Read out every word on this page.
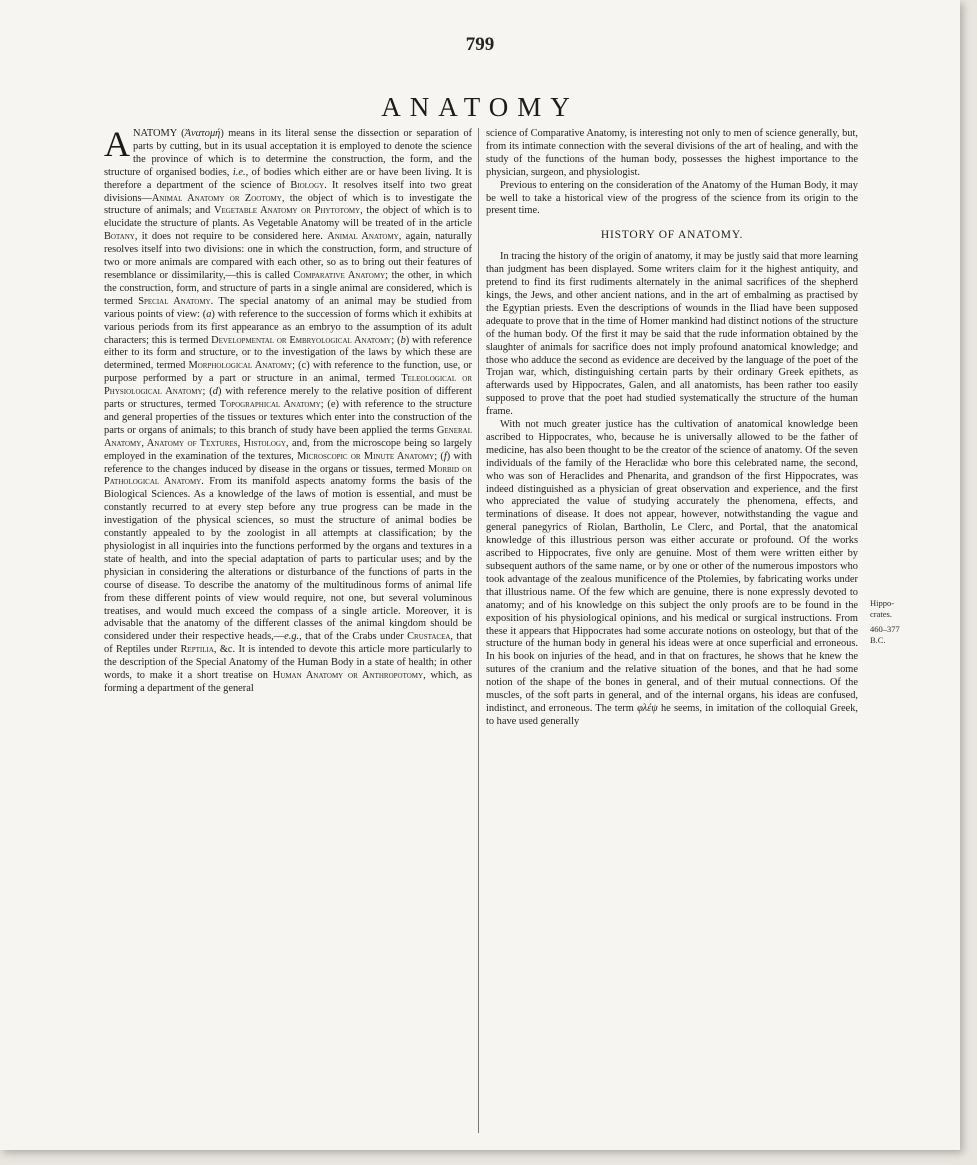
799
ANATOMY

ANATOMY (Ἀνατομή) means in its literal sense the dissection or separation of parts by cutting, but in its usual acceptation it is employed to denote the science the province of which is to determine the construction, the form, and the structure of organised bodies, i.e., of bodies which either are or have been living. It is therefore a department of the science of Biology. It resolves itself into two great divisions—Animal Anatomy or Zootomy, the object of which is to investigate the structure of animals; and Vegetable Anatomy or Phytotomy, the object of which is to elucidate the structure of plants. As Vegetable Anatomy will be treated of in the article Botany, it does not require to be considered here. Animal Anatomy, again, naturally resolves itself into two divisions: one in which the construction, form, and structure of two or more animals are compared with each other, so as to bring out their features of resemblance or dissimilarity,—this is called Comparative Anatomy; the other, in which the construction, form, and structure of parts in a single animal are considered, which is termed Special Anatomy. The special anatomy of an animal may be studied from various points of view: (a) with reference to the succession of forms which it exhibits at various periods from its first appearance as an embryo to the assumption of its adult characters; this is termed Developmental or Embryological Anatomy; (b) with reference either to its form and structure, or to the investigation of the laws by which these are determined, termed Morphological Anatomy; (c) with reference to the function, use, or purpose performed by a part or structure in an animal, termed Teleological or Physiological Anatomy; (d) with reference merely to the relative position of different parts or structures, termed Topographical Anatomy; (e) with reference to the structure and general properties of the tissues or textures which enter into the construction of the parts or organs of animals; to this branch of study have been applied the terms General Anatomy, Anatomy of Textures, Histology, and, from the microscope being so largely employed in the examination of the textures, Microscopic or Minute Anatomy; (f) with reference to the changes induced by disease in the organs or tissues, termed Morbid or Pathological Anatomy. From its manifold aspects anatomy forms the basis of the Biological Sciences. As a knowledge of the laws of motion is essential, and must be constantly recurred to at every step before any true progress can be made in the investigation of the physical sciences, so must the structure of animal bodies be constantly appealed to by the zoologist in all attempts at classification; by the physiologist in all inquiries into the functions performed by the organs and textures in a state of health, and into the special adaptation of parts to particular uses; and by the physician in considering the alterations or disturbance of the functions of parts in the course of disease. To describe the anatomy of the multitudinous forms of animal life from these different points of view would require, not one, but several voluminous treatises, and would much exceed the compass of a single article. Moreover, it is advisable that the anatomy of the different classes of the animal kingdom should be considered under their respective heads,—e.g., that of the Crabs under Crustacea, that of Reptiles under Reptilia, &c. It is intended to devote this article more particularly to the description of the Special Anatomy of the Human Body in a state of health; in other words, to make it a short treatise on Human Anatomy or Anthropotomy, which, as forming a department of the general

science of Comparative Anatomy, is interesting not only to men of science generally, but, from its intimate connection with the several divisions of the art of healing, and with the study of the functions of the human body, possesses the highest importance to the physician, surgeon, and physiologist.

Previous to entering on the consideration of the Anatomy of the Human Body, it may be well to take a historical view of the progress of the science from its origin to the present time.

HISTORY OF ANATOMY.

In tracing the history of the origin of anatomy, it may be justly said that more learning than judgment has been displayed. Some writers claim for it the highest antiquity, and pretend to find its first rudiments alternately in the animal sacrifices of the shepherd kings, the Jews, and other ancient nations, and in the art of embalming as practised by the Egyptian priests. Even the descriptions of wounds in the Iliad have been supposed adequate to prove that in the time of Homer mankind had distinct notions of the structure of the human body. Of the first it may be said that the rude information obtained by the slaughter of animals for sacrifice does not imply profound anatomical knowledge; and those who adduce the second as evidence are deceived by the language of the poet of the Trojan war, which, distinguishing certain parts by their ordinary Greek epithets, as afterwards used by Hippocrates, Galen, and all anatomists, has been rather too easily supposed to prove that the poet had studied systematically the structure of the human frame.

With not much greater justice has the cultivation of anatomical knowledge been ascribed to Hippocrates, who, because he is universally allowed to be the father of medicine, has also been thought to be the creator of the science of anatomy. Of the seven individuals of the family of the Heraclidæ who bore this celebrated name, the second, who was son of Heraclides and Phenarita, and grandson of the first Hippocrates, was indeed distinguished as a physician of great observation and experience, and the first who appreciated the value of studying accurately the phenomena, effects, and terminations of disease. It does not appear, however, notwithstanding the vague and general panegyrics of Riolan, Bartholin, Le Clerc, and Portal, that the anatomical knowledge of this illustrious person was either accurate or profound. Of the works ascribed to Hippocrates, five only are genuine. Most of them were written either by subsequent authors of the same name, or by one or other of the numerous impostors who took advantage of the zealous munificence of the Ptolemies, by fabricating works under that illustrious name. Of the few which are genuine, there is none expressly devoted to anatomy; and of his knowledge on this subject the only proofs are to be found in the exposition of his physiological opinions, and his medical or surgical instructions. From these it appears that Hippocrates had some accurate notions on osteology, but that of the structure of the human body in general his ideas were at once superficial and erroneous. In his book on injuries of the head, and in that on fractures, he shows that he knew the sutures of the cranium and the relative situation of the bones, and that he had some notion of the shape of the bones in general, and of their mutual connections. Of the muscles, of the soft parts in general, and of the internal organs, his ideas are confused, indistinct, and erroneous. The term φλέψ he seems, in imitation of the colloquial Greek, to have used generally

Hippo-
crates.
460–377
B.C.
